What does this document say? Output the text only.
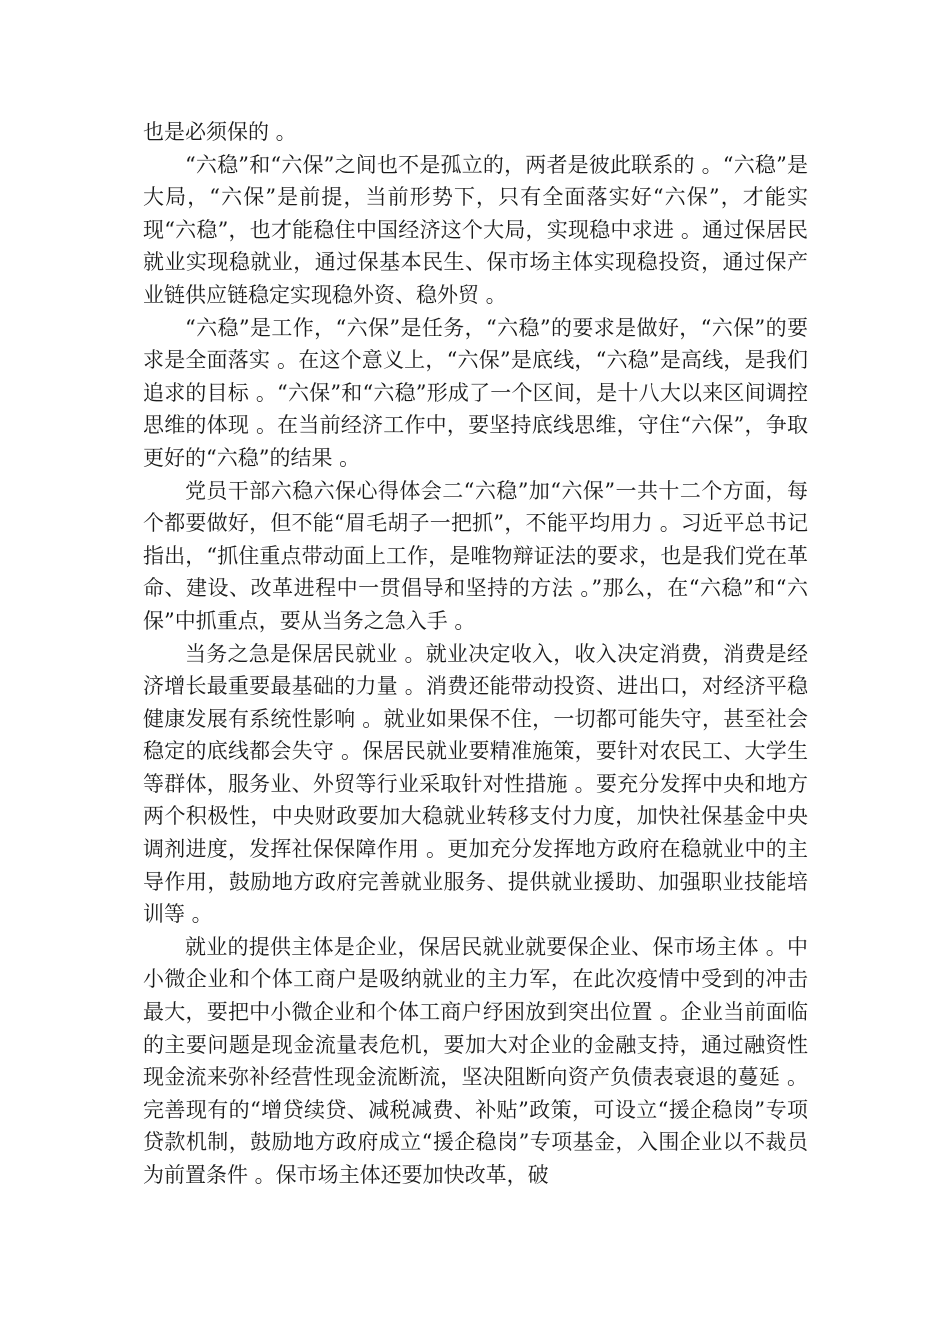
也是必须保的 。

“六稳”和“六保”之间也不是孤立的，两者是彼此联系的 。“六稳”是大局，“六保”是前提，当前形势下，只有全面落实好“六保”，才能实现“六稳”，也才能稳住中国经济这个大局，实现稳中求进 。通过保居民就业实现稳就业，通过保基本民生、保市场主体实现稳投资，通过保产业链供应链稳定实现稳外资、稳外贸 。

“六稳”是工作，“六保”是任务，“六稳”的要求是做好，“六保”的要求是全面落实 。在这个意义上，“六保”是底线，“六稳”是高线，是我们追求的目标 。“六保”和“六稳”形成了一个区间，是十八大以来区间调控思维的体现 。在当前经济工作中，要坚持底线思维，守住“六保”，争取更好的“六稳”的结果 。

党员干部六稳六保心得体会二“六稳”加“六保”一共十二个方面，每个都要做好，但不能“眉毛胡子一把抓”，不能平均用力 。习近平总书记指出，“抓住重点带动面上工作，是唯物辩证法的要求，也是我们党在革命、建设、改革进程中一贯倡导和坚持的方法 。”那么，在“六稳”和“六保”中抓重点，要从当务之急入手 。

当务之急是保居民就业 。就业决定收入，收入决定消费，消费是经济增长最重要最基础的力量 。消费还能带动投资、进出口，对经济平稳健康发展有系统性影响 。就业如果保不住，一切都可能失守，甚至社会稳定的底线都会失守 。保居民就业要精准施策，要针对农民工、大学生等群体，服务业、外贸等行业采取针对性措施 。要充分发挥中央和地方两个积极性，中央财政要加大稳就业转移支付力度，加快社保基金中央调剂进度，发挥社保保障作用 。更加充分发挥地方政府在稳就业中的主导作用，鼓励地方政府完善就业服务、提供就业援助、加强职业技能培训等 。

就业的提供主体是企业，保居民就业就要保企业、保市场主体 。中小微企业和个体工商户是吸纳就业的主力军，在此次疫情中受到的冲击最大，要把中小微企业和个体工商户纾困放到突出位置 。企业当前面临的主要问题是现金流量表危机，要加大对企业的金融支持，通过融资性现金流来弥补经营性现金流断流，坚决阻断向资产负债表衰退的蔓延 。完善现有的“增贷续贷、减税减费、补贴”政策，可设立“援企稳岗”专项贷款机制，鼓励地方政府成立“援企稳岗”专项基金，入围企业以不裁员为前置条件 。保市场主体还要加快改革，破
